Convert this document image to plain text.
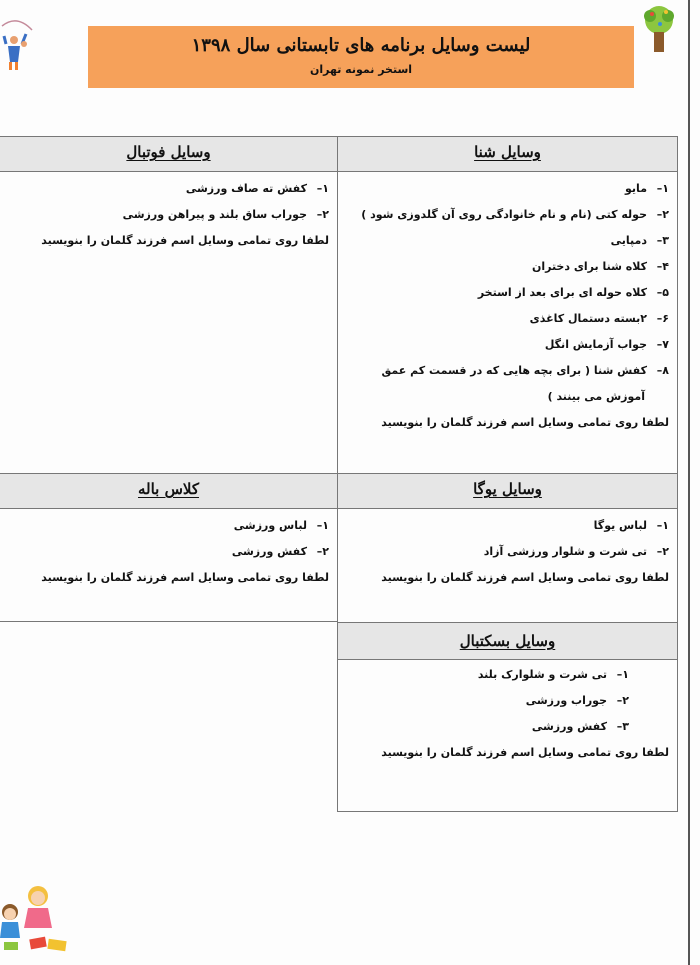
لیست وسایل برنامه های تابستانی سال ۱۳۹۸
استخر نمونه تهران
وسایل شنا
۱–مایو
۲–حوله کتی (نام و نام خانوادگی روی آن گلدوزی شود )
۳–دمپایی
۴–کلاه شنا برای دختران
۵–کلاه حوله ای برای بعد از استخر
۶–۲بسته دستمال کاغذی
۷–جواب آزمایش انگل
۸–کفش شنا ( برای بچه هایی که در قسمت کم عمق
آموزش می بینند )
لطفا روی تمامی وسایل اسم فرزند گلمان را بنویسید
وسایل فوتبال
۱–کفش ته صاف ورزشی
۲–جوراب ساق بلند و پیراهن ورزشی
لطفا روی تمامی وسایل اسم فرزند گلمان را بنویسید
وسایل یوگا
۱–لباس یوگا
۲–تی شرت و شلوار ورزشی آزاد
لطفا روی تمامی وسایل اسم فرزند گلمان را بنویسید
کلاس باله
۱–لباس ورزشی
۲–کفش ورزشی
لطفا روی تمامی وسایل اسم فرزند گلمان را بنویسید
وسایل بسکتبال
۱–تی شرت و شلوارک بلند
۲–جوراب ورزشی
۳–کفش ورزشی
لطفا روی تمامی وسایل اسم فرزند گلمان را بنویسید
